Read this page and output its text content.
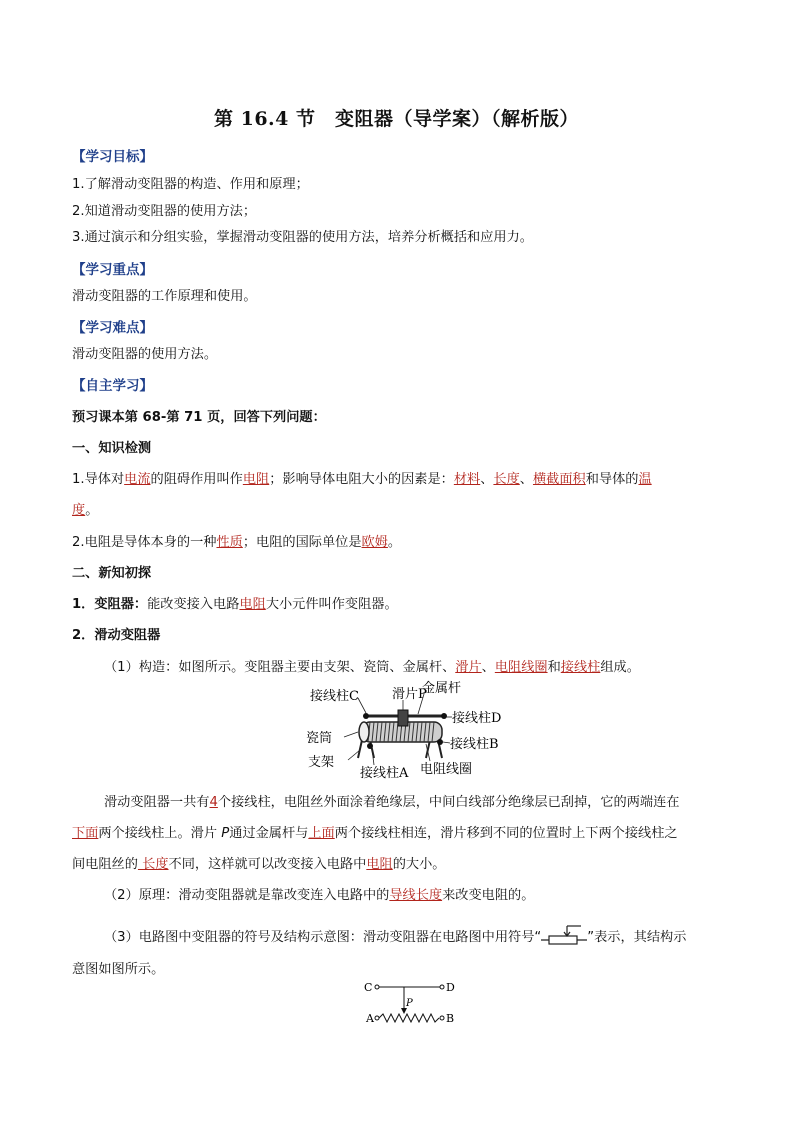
第 16.4 节　变阻器（导学案）（解析版）
【学习目标】
1.了解滑动变阻器的构造、作用和原理；
2.知道滑动变阻器的使用方法；
3.通过演示和分组实验，掌握滑动变阻器的使用方法，培养分析概括和应用力。
【学习重点】
滑动变阻器的工作原理和使用。
【学习难点】
滑动变阻器的使用方法。
【自主学习】
预习课本第 68-第 71 页，回答下列问题：
一、知识检测
1.导体对电流的阻碍作用叫作电阻；影响导体电阻大小的因素是：材料、长度、横截面积和导体的温
度。
2.电阻是导体本身的一种性质；电阻的国际单位是欧姆。
二、新知初探
1．变阻器：能改变接入电路电阻大小元件叫作变阻器。
2．滑动变阻器
（1）构造：如图所示。变阻器主要由支架、瓷筒、金属杆、滑片、电阻线圈和接线柱组成。
接线柱C	滑片P
金属杆
接线柱D
瓷筒	接线柱B
支架
接线柱A 电阻线圈
滑动变阻器一共有4个接线柱，电阻丝外面涂着绝缘层，中间白线部分绝缘层已刮掉，它的两端连在
下面两个接线柱上。滑片 P通过金属杆与上面两个接线柱相连，滑片移到不同的位置时上下两个接线柱之
间电阻丝的 长度不同，这样就可以改变接入电路中电阻的大小。
（2）原理：滑动变阻器就是靠改变连入电路中的导线长度来改变电阻的。
（3）电路图中变阻器的符号及结构示意图：滑动变阻器在电路图中用符号“	”表示，其结构示
意图如图所示。
C	D
P
A	B
